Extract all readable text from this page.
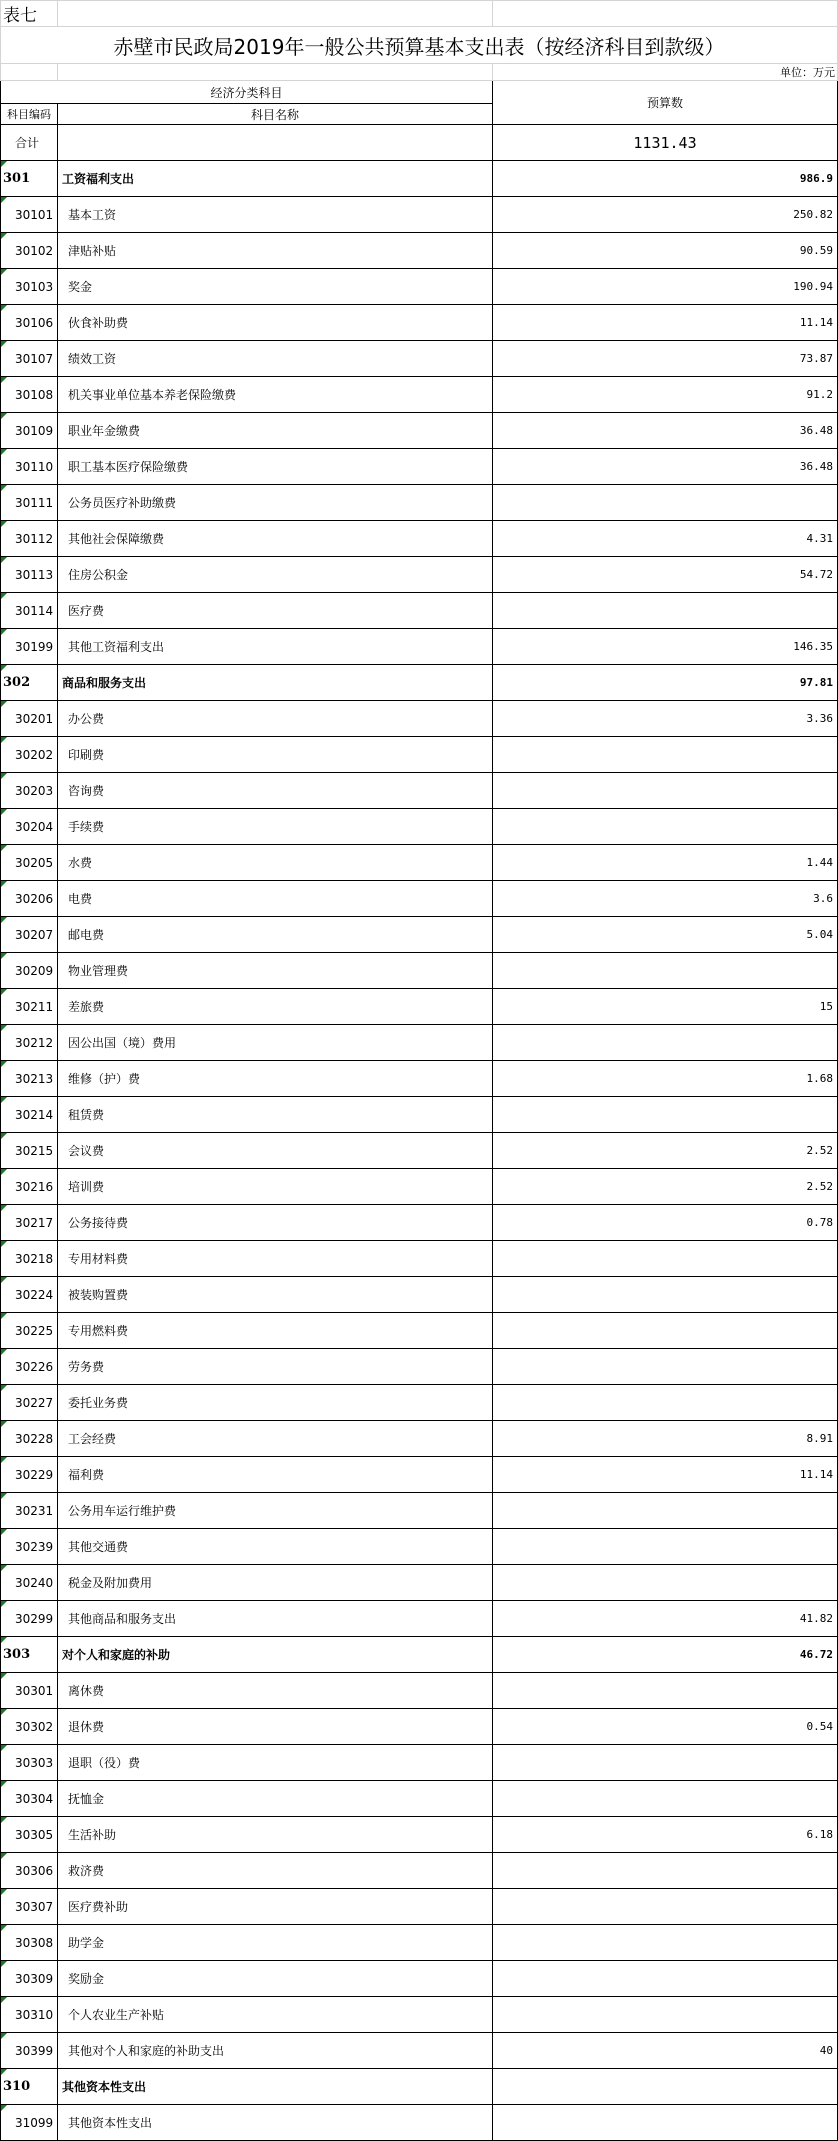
表七		
赤壁市民政局2019年一般公共预算基本支出表（按经济科目到款级）		
		单位：万元
经济分类科目		预算数
科目编码	科目名称	
合计		1131.43
301	工资福利支出	986.9
30101	基本工资	250.82
30102	津贴补贴	90.59
30103	奖金	190.94
30106	伙食补助费	11.14
30107	绩效工资	73.87
30108	机关事业单位基本养老保险缴费	91.2
30109	职业年金缴费	36.48
30110	职工基本医疗保险缴费	36.48
30111	公务员医疗补助缴费	
30112	其他社会保障缴费	4.31
30113	住房公积金	54.72
30114	医疗费	
30199	其他工资福利支出	146.35
302	商品和服务支出	97.81
30201	办公费	3.36
30202	印刷费	
30203	咨询费	
30204	手续费	
30205	水费	1.44
30206	电费	3.6
30207	邮电费	5.04
30209	物业管理费	
30211	差旅费	15
30212	因公出国（境）费用	
30213	维修（护）费	1.68
30214	租赁费	
30215	会议费	2.52
30216	培训费	2.52
30217	公务接待费	0.78
30218	专用材料费	
30224	被装购置费	
30225	专用燃料费	
30226	劳务费	
30227	委托业务费	
30228	工会经费	8.91
30229	福利费	11.14
30231	公务用车运行维护费	
30239	其他交通费	
30240	税金及附加费用	
30299	其他商品和服务支出	41.82
303	对个人和家庭的补助	46.72
30301	离休费	
30302	退休费	0.54
30303	退职（役）费	
30304	抚恤金	
30305	生活补助	6.18
30306	救济费	
30307	医疗费补助	
30308	助学金	
30309	奖励金	
30310	个人农业生产补贴	
30399	其他对个人和家庭的补助支出	40
310	其他资本性支出	
31099	其他资本性支出	
